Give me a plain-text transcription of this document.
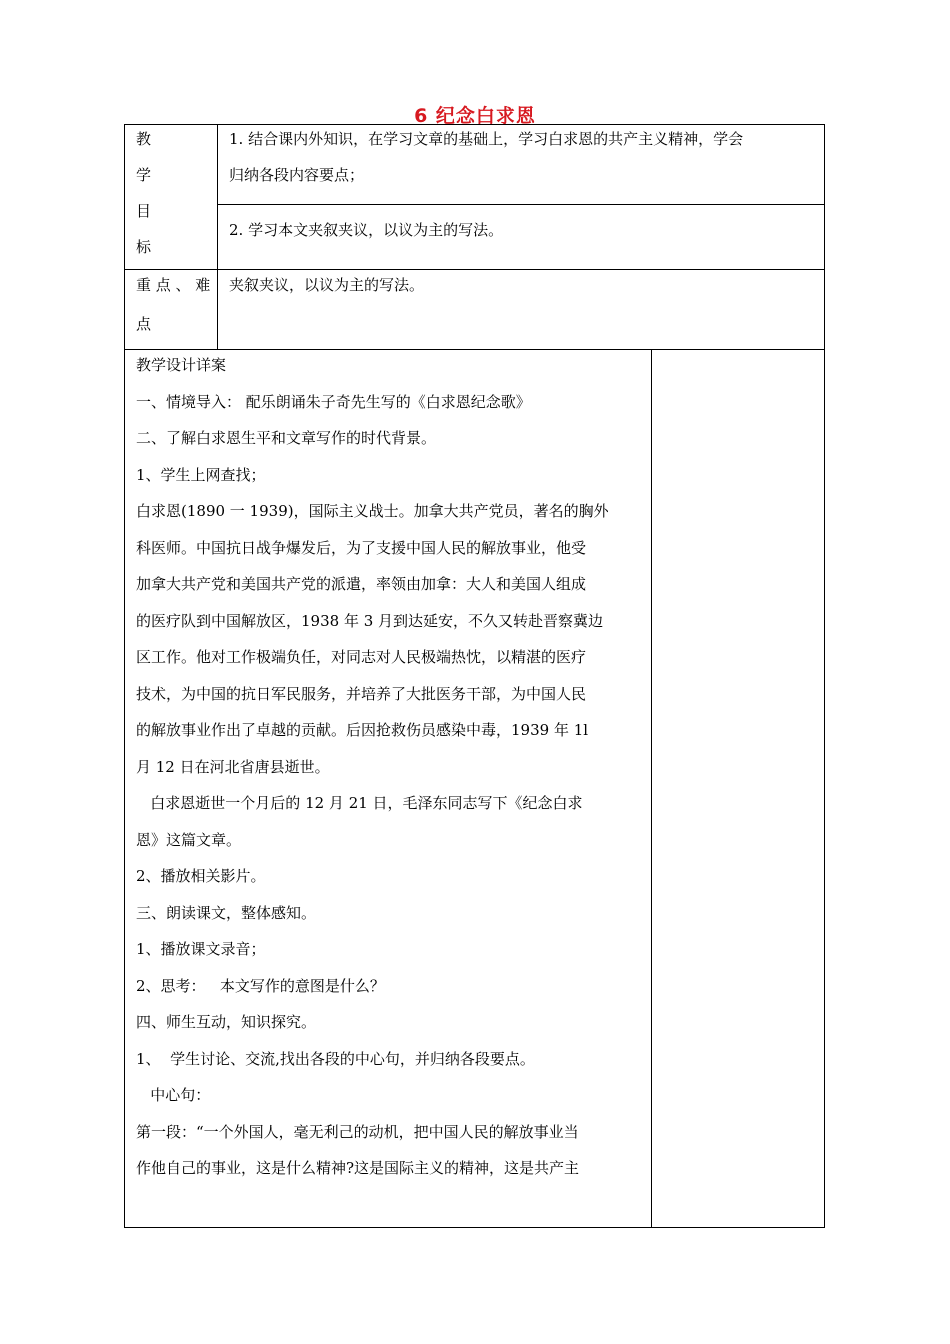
6 纪念白求恩
教
学
目
标
1. 结合课内外知识，在学习文章的基础上，学习白求恩的共产主义精神，学会
归纳各段内容要点；
2. 学习本文夹叙夹议，以议为主的写法。
重 点 、 难
点
夹叙夹议，以议为主的写法。
教学设计详案
一、情境导入： 配乐朗诵朱子奇先生写的《白求恩纪念歌》
二、了解白求恩生平和文章写作的时代背景。
1、学生上网查找；
白求恩(1890 一 1939)，国际主义战士。加拿大共产党员，著名的胸外
科医师。中国抗日战争爆发后，为了支援中国人民的解放事业，他受
加拿大共产党和美国共产党的派遣，率领由加拿：大人和美国人组成
的医疗队到中国解放区，1938 年 3 月到达延安，不久又转赴晋察冀边
区工作。他对工作极端负任，对同志对人民极端热忱，以精湛的医疗
技术，为中国的抗日军民服务，并培养了大批医务干部，为中国人民
的解放事业作出了卓越的贡献。后因抢救伤员感染中毒，1939 年 1l
月 12 日在河北省唐县逝世。
白求恩逝世一个月后的 12 月 21 日，毛泽东同志写下《纪念白求
恩》这篇文章。
2、播放相关影片。
三、朗读课文，整体感知。
1、播放课文录音；
2、思考：   本文写作的意图是什么？
四、师生互动，知识探究。
1、  学生讨论、交流,找出各段的中心句，并归纳各段要点。
中心句：
第一段：“一个外国人，毫无利己的动机，把中国人民的解放事业当
作他自己的事业，这是什么精神?这是国际主义的精神，这是共产主
